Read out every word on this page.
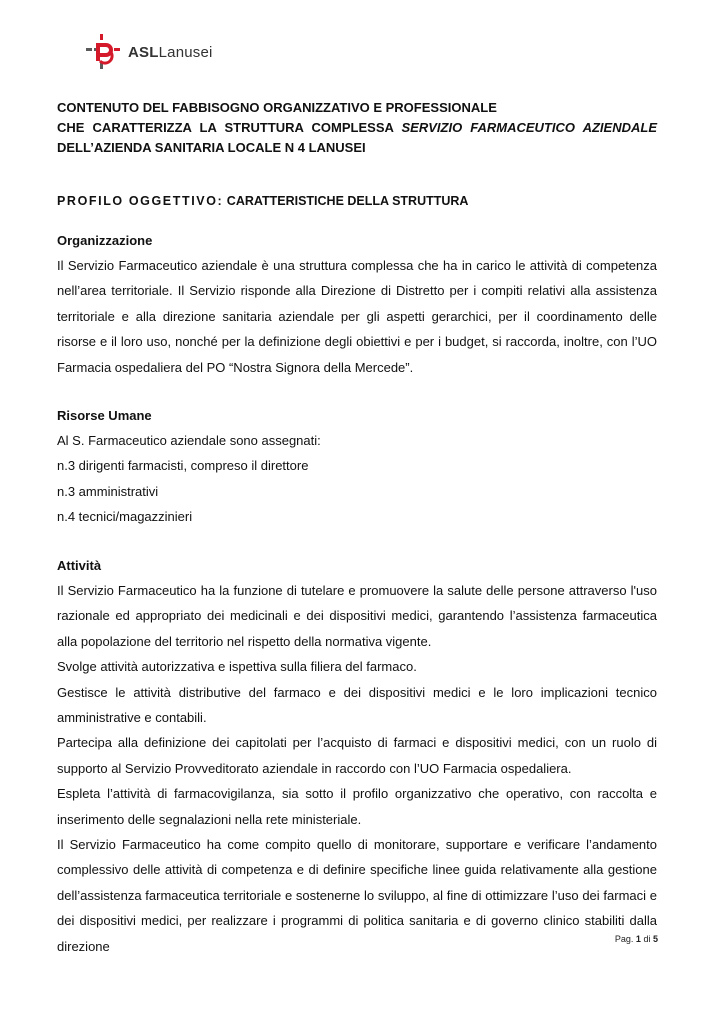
ASLLanusei
CONTENUTO DEL FABBISOGNO ORGANIZZATIVO E PROFESSIONALE
CHE CARATTERIZZA LA STRUTTURA COMPLESSA SERVIZIO FARMACEUTICO AZIENDALE
DELL’AZIENDA SANITARIA LOCALE N 4 LANUSEI
PROFILO OGGETTIVO: CARATTERISTICHE DELLA STRUTTURA
Organizzazione

Il Servizio Farmaceutico aziendale è una struttura complessa che ha in carico le attività di competenza nell’area territoriale. Il Servizio risponde alla Direzione di Distretto per i compiti relativi alla assistenza territoriale e alla direzione sanitaria aziendale per gli aspetti gerarchici, per il coordinamento delle risorse e il loro uso, nonché per la definizione degli obiettivi e per i budget, si raccorda, inoltre, con l’UO Farmacia ospedaliera del PO “Nostra Signora della Mercede”.

Risorse Umane
Al S. Farmaceutico aziendale sono assegnati:
n.3 dirigenti farmacisti, compreso il direttore
n.3 amministrativi
n.4 tecnici/magazzinieri
Attività

Il Servizio Farmaceutico ha la funzione di tutelare e promuovere la salute delle persone attraverso l'uso razionale ed appropriato dei medicinali e dei dispositivi medici, garantendo l’assistenza farmaceutica alla popolazione del territorio nel rispetto della normativa vigente.

Svolge attività autorizzativa e ispettiva sulla filiera del farmaco.

Gestisce le attività distributive del farmaco e dei dispositivi medici e le loro implicazioni tecnico amministrative e contabili.

Partecipa alla definizione dei capitolati per l’acquisto di farmaci e dispositivi medici, con un ruolo di supporto al Servizio Provveditorato aziendale in raccordo con l’UO Farmacia ospedaliera.

Espleta l’attività di farmacovigilanza, sia sotto il profilo organizzativo che operativo, con raccolta e inserimento delle segnalazioni nella rete ministeriale.

Il Servizio Farmaceutico ha come compito quello di monitorare, supportare e verificare l’andamento complessivo delle attività di competenza e di definire specifiche linee guida relativamente alla gestione dell’assistenza farmaceutica territoriale e sostenerne lo sviluppo, al fine di ottimizzare l’uso dei farmaci e dei dispositivi medici, per realizzare i programmi di politica sanitaria e di governo clinico stabiliti dalla direzione	Pag. 1 di 5
